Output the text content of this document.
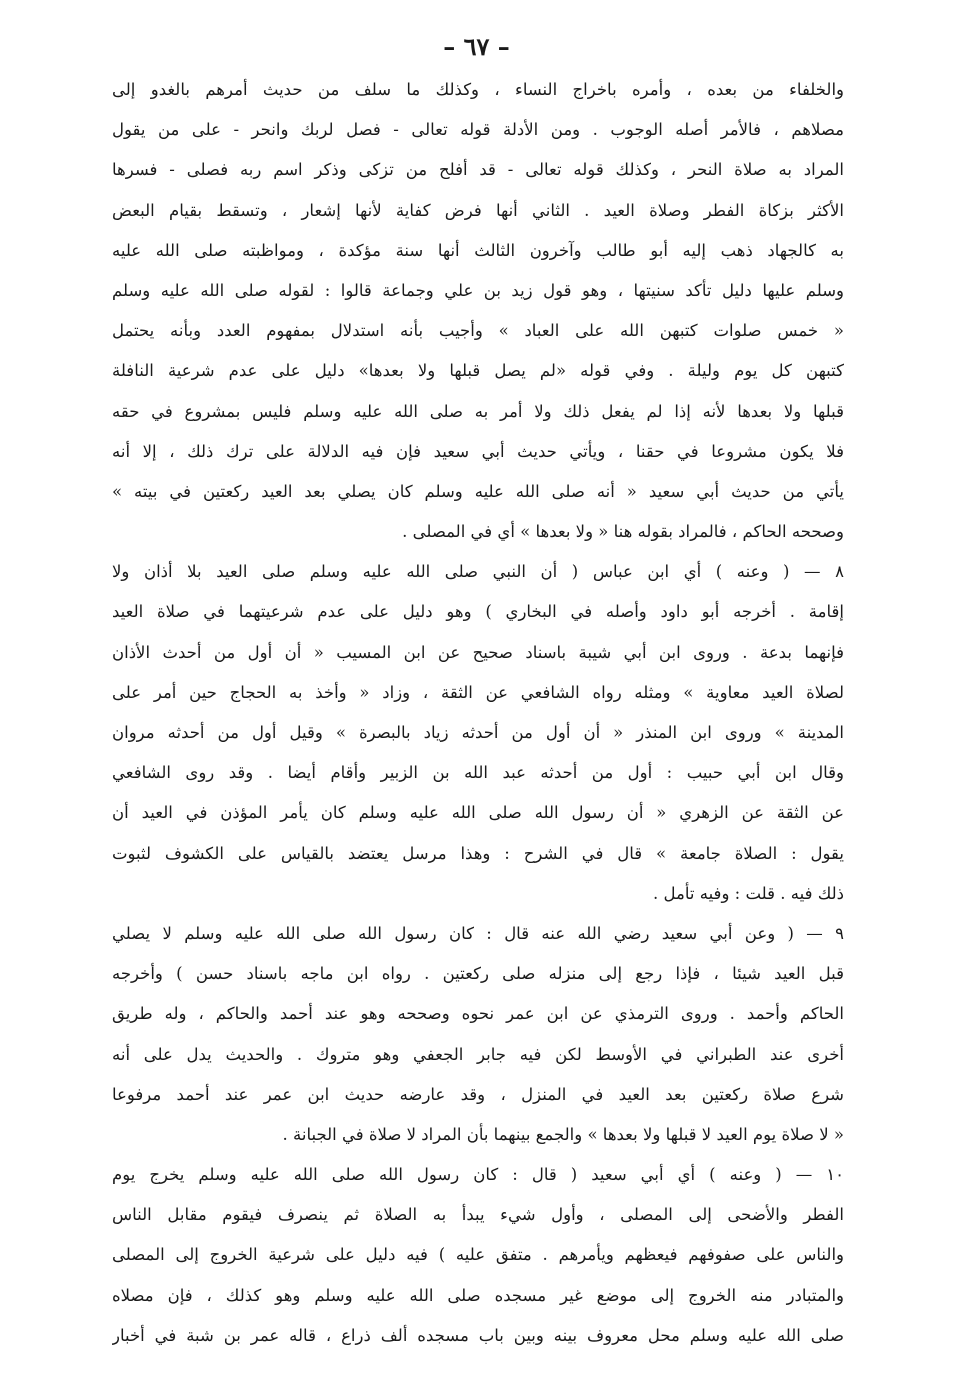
– ٦٧ –
والخلفاء من بعده ، وأمره باخراج النساء ، وكذلك ما سلف من حديث أمرهم بالغدو إلى
مصلاهم ، فالأمر أصله الوجوب . ومن الأدلة قوله تعالى - فصل لربك وانحر - على من يقول
المراد به صلاة النحر ، وكذلك قوله تعالى - قد أفلح من تزكى وذكر اسم ربه فصلى - فسرها
الأكثر بزكاة الفطر وصلاة العيد . الثاني أنها فرض كفاية لأنها إشعار ، وتسقط بقيام البعض
به كالجهاد ذهب إليه أبو طالب وآخرون الثالث أنها سنة مؤكدة ، ومواظبته صلى الله عليه
وسلم عليها دليل تأكد سنيتها ، وهو قول زيد بن علي وجماعة قالوا : لقوله صلى الله عليه وسلم
« خمس صلوات كتبهن الله على العباد » وأجيب بأنه استدلال بمفهوم العدد وبأنه يحتمل
كتبهن كل يوم وليلة . وفي قوله «لم يصل قبلها ولا بعدها» دليل على عدم شرعية النافلة
قبلها ولا بعدها لأنه إذا لم يفعل ذلك ولا أمر به صلى الله عليه وسلم فليس بمشروع في حقه
فلا يكون مشروعا في حقنا ، ويأتي حديث أبي سعيد فإن فيه الدلالة على ترك ذلك ، إلا أنه
يأتي من حديث أبي سعيد « أنه صلى الله عليه وسلم كان يصلي بعد العيد ركعتين في بيته »
وصححه الحاكم ، فالمراد بقوله هنا « ولا بعدها » أي في المصلى .
٨ — ( وعنه ) أي ابن عباس ( أن النبي صلى الله عليه وسلم صلى العيد بلا أذان ولا
إقامة . أخرجه أبو داود وأصله في البخاري ) وهو دليل على عدم شرعيتهما في صلاة العيد
فإنهما بدعة . وروى ابن أبي شيبة باسناد صحيح عن ابن المسيب « أن أول من أحدث الأذان
لصلاة العيد معاوية » ومثله رواه الشافعي عن الثقة ، وزاد « وأخذ به الحجاج حين أمر على
المدينة » وروى ابن المنذر « أن أول من أحدثه زياد بالبصرة » وقيل أول من أحدثه مروان
وقال ابن أبي حبيب : أول من أحدثه عبد الله بن الزبير وأقام أيضا . وقد روى الشافعي
عن الثقة عن الزهري « أن رسول الله صلى الله عليه وسلم كان يأمر المؤذن في العيد أن
يقول : الصلاة جامعة » قال في الشرح : وهذا مرسل يعتضد بالقياس على الكشوف لثبوت
ذلك فيه . قلت : وفيه تأمل .
٩ — ( وعن أبي سعيد رضي الله عنه قال : كان رسول الله صلى الله عليه وسلم لا يصلي
قبل العيد شيئا ، فإذا رجع إلى منزله صلى ركعتين . رواه ابن ماجه باسناد حسن ) وأخرجه
الحاكم وأحمد . وروى الترمذي عن ابن عمر نحوه وصححه وهو عند أحمد والحاكم ، وله طريق
أخرى عند الطبراني في الأوسط لكن فيه جابر الجعفي وهو متروك . والحديث يدل على أنه
شرع صلاة ركعتين بعد العيد في المنزل ، وقد عارضه حديث ابن عمر عند أحمد مرفوعا
« لا صلاة يوم العيد لا قبلها ولا بعدها » والجمع بينهما بأن المراد لا صلاة في الجبانة .
١٠ — ( وعنه ) أي أبي سعيد ( قال : كان رسول الله صلى الله عليه وسلم يخرج يوم
الفطر والأضحى إلى المصلى ، وأول شيء يبدأ به الصلاة ثم ينصرف فيقوم مقابل الناس
والناس على صفوفهم فيعظهم ويأمرهم . متفق عليه ) فيه دليل على شرعية الخروج إلى المصلى
والمتبادر منه الخروج إلى موضع غير مسجده صلى الله عليه وسلم وهو كذلك ، فإن مصلاه
صلى الله عليه وسلم محل معروف بينه وبين باب مسجده ألف ذراع ، قاله عمر بن شبة في أخبار
